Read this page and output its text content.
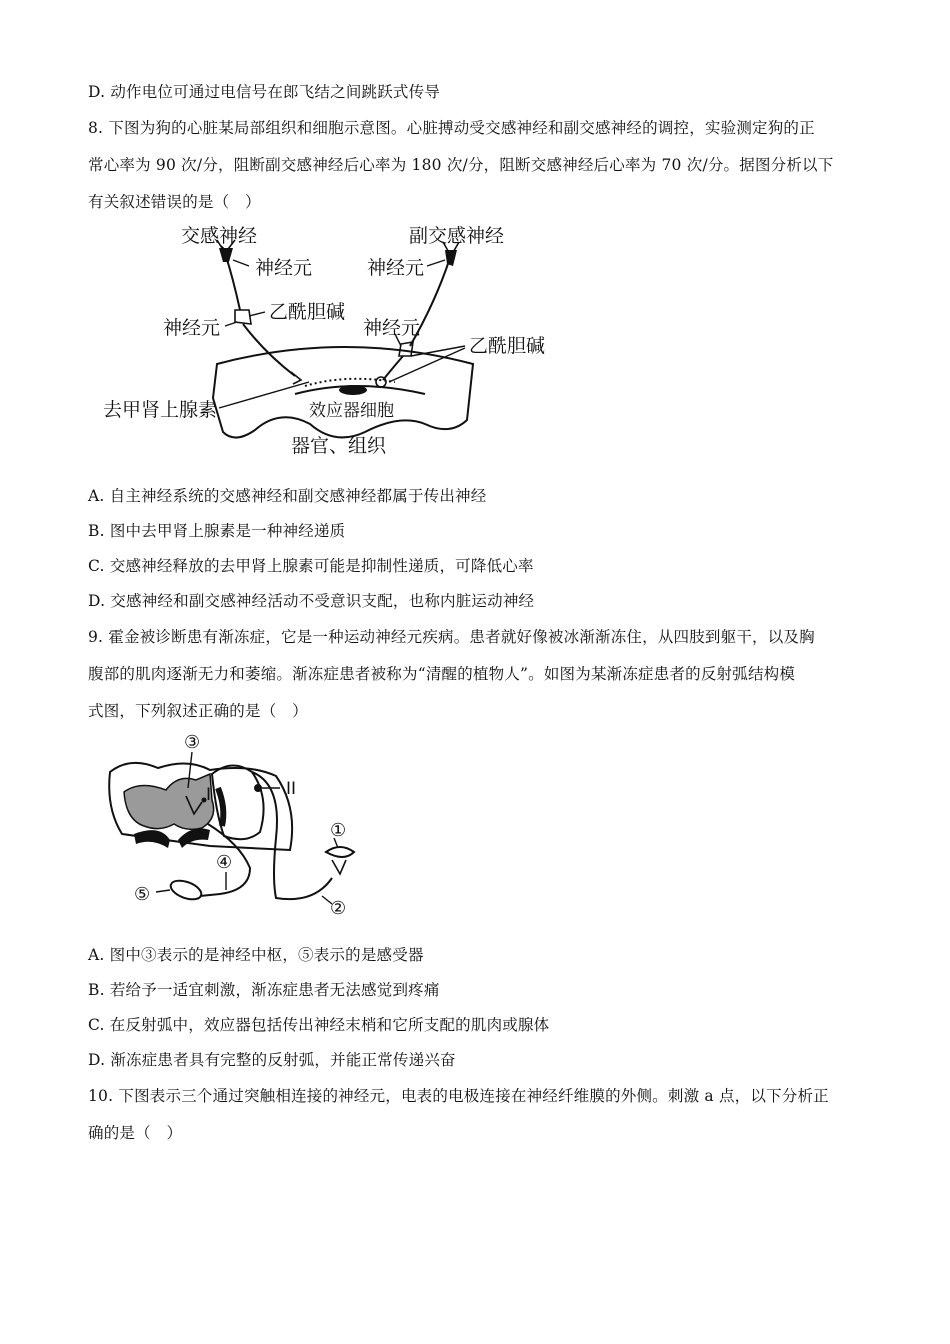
D. 动作电位可通过电信号在郎飞结之间跳跃式传导
8. 下图为狗的心脏某局部组织和细胞示意图。心脏搏动受交感神经和副交感神经的调控，实验测定狗的正
常心率为 90 次/分，阻断副交感神经后心率为 180 次/分，阻断交感神经后心率为 70 次/分。据图分析以下
有关叙述错误的是（　）
交感神经	副交感神经
神经元	神经元
乙酰胆碱
神经元	神经元
乙酰胆碱
去甲肾上腺素	效应器细胞
器官、组织
A. 自主神经系统的交感神经和副交感神经都属于传出神经
B. 图中去甲肾上腺素是一种神经递质
C. 交感神经释放的去甲肾上腺素可能是抑制性递质，可降低心率
D. 交感神经和副交感神经活动不受意识支配，也称内脏运动神经
9. 霍金被诊断患有渐冻症，它是一种运动神经元疾病。患者就好像被冰渐渐冻住，从四肢到躯干，以及胸
腹部的肌肉逐渐无力和萎缩。渐冻症患者被称为“清醒的植物人”。如图为某渐冻症患者的反射弧结构模
式图，下列叙述正确的是（　）
③
I	II
①
②
④
⑤
A. 图中③表示的是神经中枢，⑤表示的是感受器
B. 若给予一适宜刺激，渐冻症患者无法感觉到疼痛
C. 在反射弧中，效应器包括传出神经末梢和它所支配的肌肉或腺体
D. 渐冻症患者具有完整的反射弧，并能正常传递兴奋
10. 下图表示三个通过突触相连接的神经元，电表的电极连接在神经纤维膜的外侧。刺激 a 点，以下分析正
确的是（　）
